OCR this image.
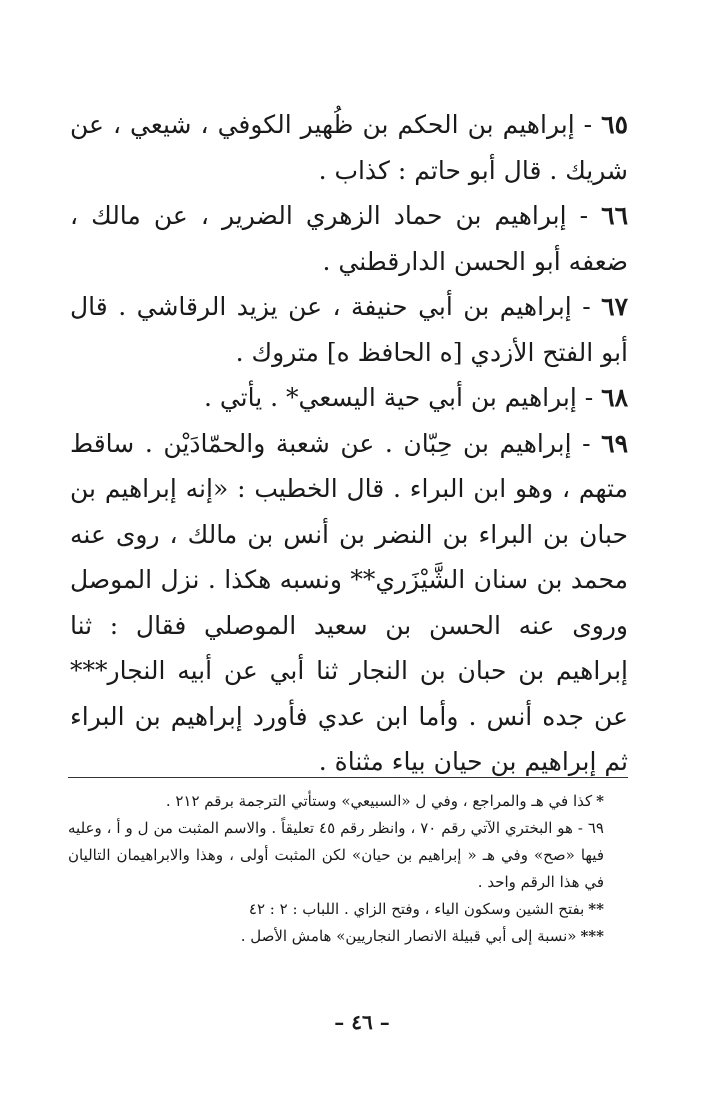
٦٥ - إبراهيم بن الحكم بن ظُهير الكوفي ، شيعي ، عن شريك . قال أبو حاتم : كذاب .

٦٦ - إبراهيم بن حماد الزهري الضرير ، عن مالك ، ضعفه أبو الحسن الدارقطني .

٦٧ - إبراهيم بن أبي حنيفة ، عن يزيد الرقاشي . قال أبو الفتح الأزدي [ه الحافظ ه] متروك .

٦٨ - إبراهيم بن أبي حية اليسعي* . يأتي .

٦٩ - إبراهيم بن حِبّان . عن شعبة والحمّادَيْن . ساقط متهم ، وهو ابن البراء . قال الخطيب : «إنه إبراهيم بن حبان بن البراء بن النضر بن أنس بن مالك ، روى عنه محمد بن سنان الشَّيْزَري** ونسبه هكذا . نزل الموصل وروى عنه الحسن بن سعيد الموصلي فقال : ثنا إبراهيم بن حبان بن النجار ثنا أبي عن أبيه النجار*** عن جده أنس . وأما ابن عدي فأورد إبراهيم بن البراء ثم إبراهيم بن حيان بياء مثناة .

*كذا في هـ والمراجع ، وفي ل «السبيعي» وستأتي الترجمة برقم ٢١٢ .

٦٩ - هو البختري الآتي رقم ٧٠ ، وانظر رقم ٤٥ تعليقاً . والاسم المثبت من ل و أ ، وعليه فيها «صح» وفي هـ « إبراهيم بن حيان» لكن المثبت أولى ، وهذا والابراهيمان التاليان في هذا الرقم واحد .

**بفتح الشين وسكون الياء ، وفتح الزاي . اللباب : ٢ : ٤٢

***«نسبة إلى أبي قبيلة الانصار النجاريين» هامش الأصل .

– ٤٦ –
